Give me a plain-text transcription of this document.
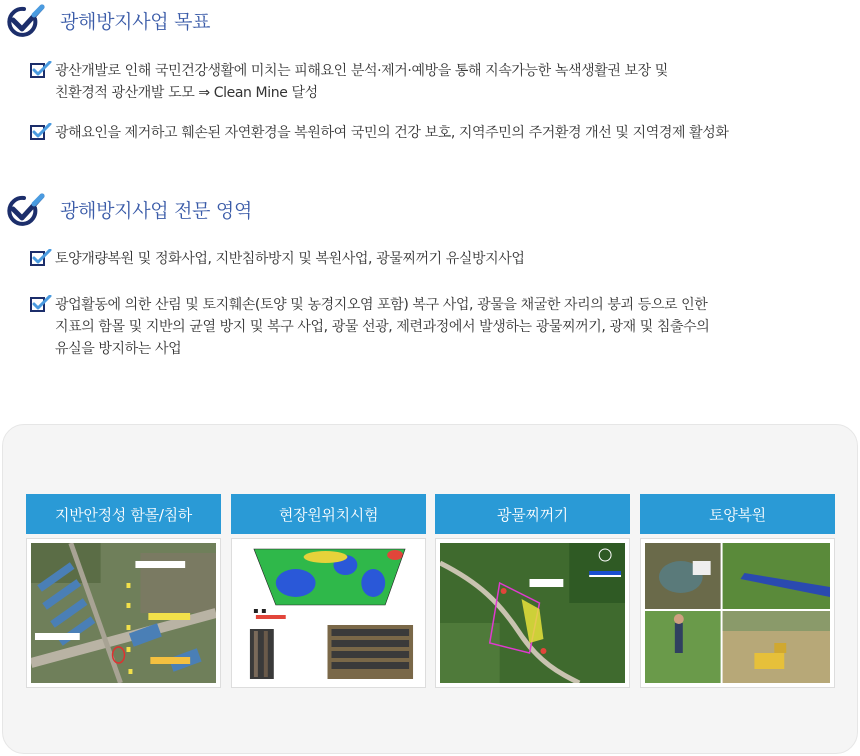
광해방지사업 목표
광산개발로 인해 국민건강생활에 미치는 피해요인 분석·제거·예방을 통해 지속가능한 녹색생활권 보장 및
친환경적 광산개발 도모 ⇒ Clean Mine 달성
광해요인을 제거하고 훼손된 자연환경을 복원하여 국민의 건강 보호, 지역주민의 주거환경 개선 및 지역경제 활성화
광해방지사업 전문 영역
토양개량복원 및 정화사업, 지반침하방지 및 복원사업, 광물찌꺼기 유실방지사업
광업활동에 의한 산림 및 토지훼손(토양 및 농경지오염 포함) 복구 사업, 광물을 채굴한 자리의 붕괴 등으로 인한
지표의 함몰 및 지반의 균열 방지 및 복구 사업, 광물 선광, 제련과정에서 발생하는 광물찌꺼기, 광재 및 침출수의
유실을 방지하는 사업
지반안정성 함몰/침하	현장원위치시험	광물찌꺼기	토양복원
